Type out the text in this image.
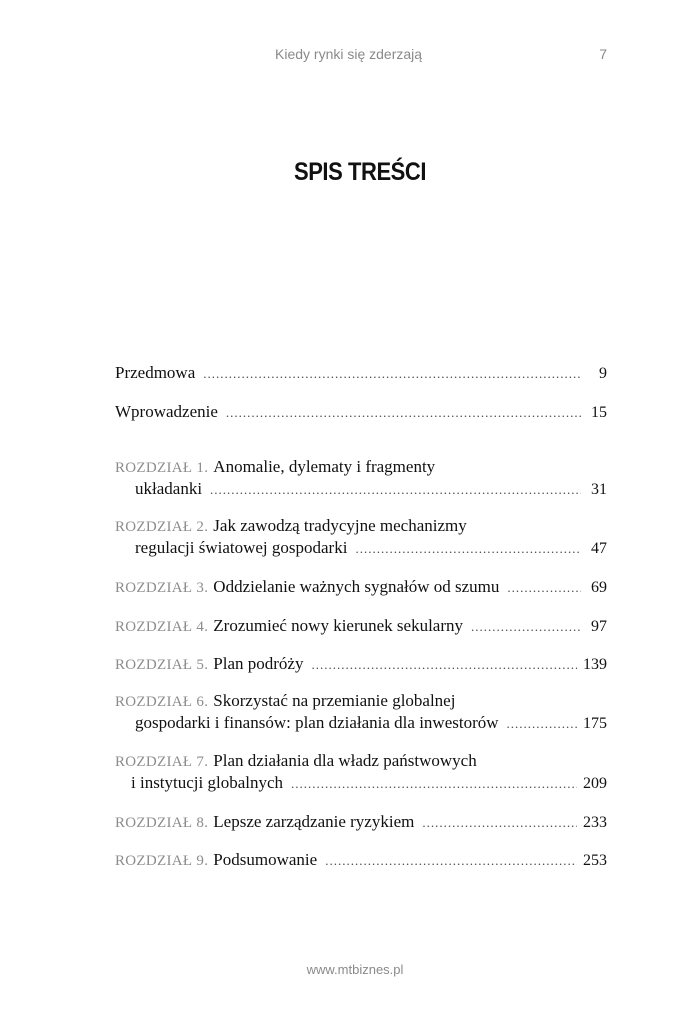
Kiedy rynki się zderzają	7
SPIS TREŚCI
Przedmowa .....	9
Wprowadzenie .....	15
ROZDZIAŁ 1. Anomalie, dylematy i fragmenty
układanki .....	31
ROZDZIAŁ 2. Jak zawodzą tradycyjne mechanizmy
regulacji światowej gospodarki .....	47
ROZDZIAŁ 3. Oddzielanie ważnych sygnałów od szumu .....	69
ROZDZIAŁ 4. Zrozumieć nowy kierunek sekularny .....	97
ROZDZIAŁ 5. Plan podróży .....	139
ROZDZIAŁ 6. Skorzystać na przemianie globalnej
gospodarki i finansów: plan działania dla inwestorów .....	175
ROZDZIAŁ 7. Plan działania dla władz państwowych
i instytucji globalnych .....	209
ROZDZIAŁ 8. Lepsze zarządzanie ryzykiem .....	233
ROZDZIAŁ 9. Podsumowanie .....	253
www.mtbiznes.pl
